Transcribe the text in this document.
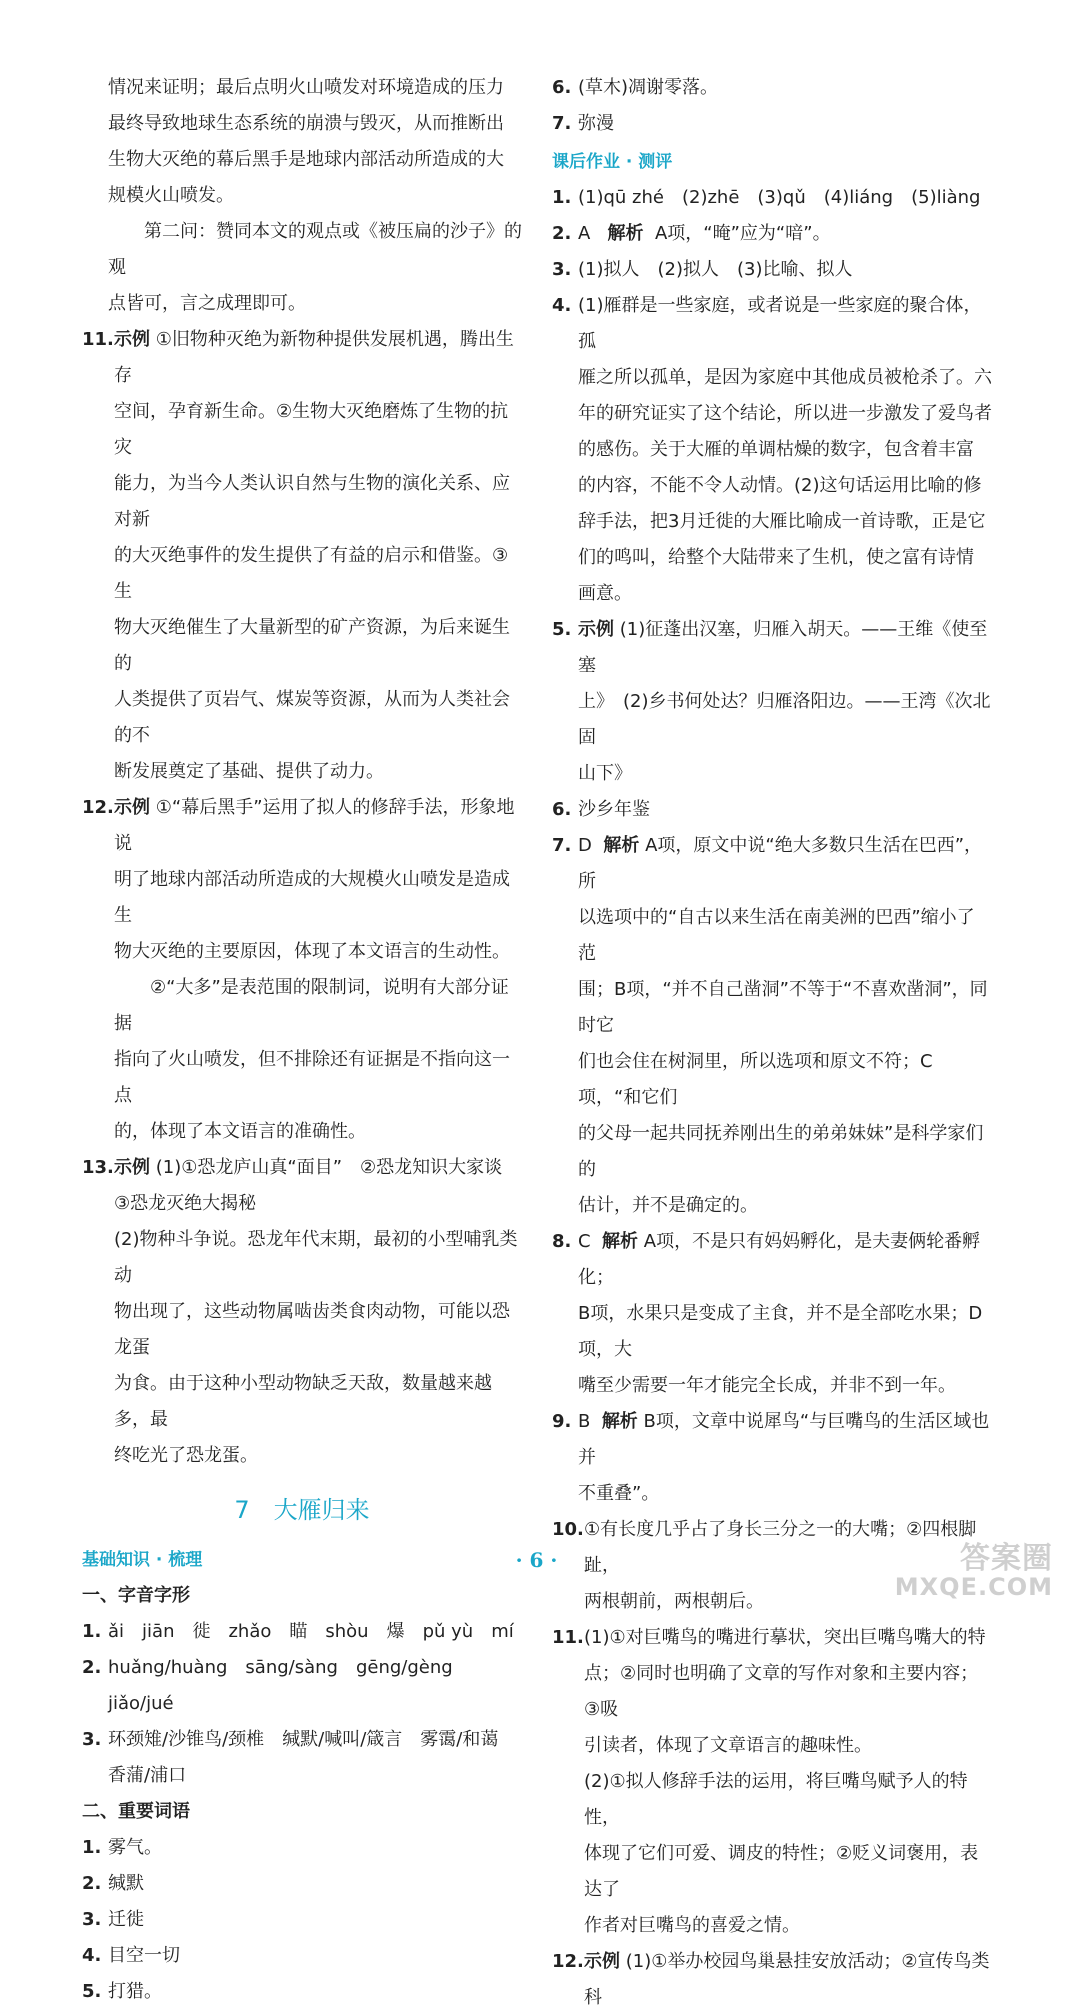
情况来证明；最后点明火山喷发对环境造成的压力
最终导致地球生态系统的崩溃与毁灭，从而推断出
生物大灭绝的幕后黑手是地球内部活动所造成的大
规模火山喷发。
第二问：赞同本文的观点或《被压扁的沙子》的观
点皆可，言之成理即可。
11. 示例 ①旧物种灭绝为新物种提供发展机遇，腾出生存
空间，孕育新生命。②生物大灭绝磨炼了生物的抗灾
能力，为当今人类认识自然与生物的演化关系、应对新
的大灭绝事件的发生提供了有益的启示和借鉴。③生
物大灭绝催生了大量新型的矿产资源，为后来诞生的
人类提供了页岩气、煤炭等资源，从而为人类社会的不
断发展奠定了基础、提供了动力。
12. 示例 ①“幕后黑手”运用了拟人的修辞手法，形象地说
明了地球内部活动所造成的大规模火山喷发是造成生
物大灭绝的主要原因，体现了本文语言的生动性。
②“大多”是表范围的限制词，说明有大部分证据
指向了火山喷发，但不排除还有证据是不指向这一点
的，体现了本文语言的准确性。
13. 示例 (1)①恐龙庐山真“面目”　②恐龙知识大家谈
③恐龙灭绝大揭秘
(2)物种斗争说。恐龙年代末期，最初的小型哺乳类动
物出现了，这些动物属啮齿类食肉动物，可能以恐龙蛋
为食。由于这种小型动物缺乏天敌，数量越来越多，最
终吃光了恐龙蛋。
7　大雁归来
基础知识 · 梳理
一、字音字形
1. ǎi　jiān　徙　zhǎo　瞄　shòu　爆　pǔ yù　mí
2. huǎng/huàng　sāng/sàng　gēng/gèng　jiǎo/jué
3. 环颈雉/沙锥鸟/颈椎　缄默/喊叫/箴言　雾霭/和蔼
香蒲/浦口
二、重要词语
1. 雾气。
2. 缄默
3. 迁徙
4. 目空一切
5. 打猎。
6. (草木)凋谢零落。
7. 弥漫
课后作业 · 测评
1. (1)qū zhé　(2)zhē　(3)qǔ　(4)liáng　(5)liàng
2. A 解析 A项，“晻”应为“喑”。
3. (1)拟人　(2)拟人　(3)比喻、拟人
4. (1)雁群是一些家庭，或者说是一些家庭的聚合体，孤
雁之所以孤单，是因为家庭中其他成员被枪杀了。六
年的研究证实了这个结论，所以进一步激发了爱鸟者
的感伤。关于大雁的单调枯燥的数字，包含着丰富
的内容，不能不令人动情。(2)这句话运用比喻的修
辞手法，把3月迁徙的大雁比喻成一首诗歌，正是它
们的鸣叫，给整个大陆带来了生机，使之富有诗情
画意。
5. 示例 (1)征蓬出汉塞，归雁入胡天。——王维《使至塞
上》　(2)乡书何处达？归雁洛阳边。——王湾《次北固
山下》
6. 沙乡年鉴
7. D 解析 A项，原文中说“绝大多数只生活在巴西”，所
以选项中的“自古以来生活在南美洲的巴西”缩小了范
围；B项，“并不自己凿洞”不等于“不喜欢凿洞”，同时它
们也会住在树洞里，所以选项和原文不符；C项，“和它们
的父母一起共同抚养刚出生的弟弟妹妹”是科学家们的
估计，并不是确定的。
8. C 解析 A项，不是只有妈妈孵化，是夫妻俩轮番孵化；
B项，水果只是变成了主食，并不是全部吃水果；D项，大
嘴至少需要一年才能完全长成，并非不到一年。
9. B 解析 B项，文章中说犀鸟“与巨嘴鸟的生活区域也并
不重叠”。
10. ①有长度几乎占了身长三分之一的大嘴；②四根脚趾，
两根朝前，两根朝后。
11. (1)①对巨嘴鸟的嘴进行摹状，突出巨嘴鸟嘴大的特
点；②同时也明确了文章的写作对象和主要内容；③吸
引读者，体现了文章语言的趣味性。
(2)①拟人修辞手法的运用，将巨嘴鸟赋予人的特性，
体现了它们可爱、调皮的特性；②贬义词褒用，表达了
作者对巨嘴鸟的喜爱之情。
12. 示例 (1)①举办校园鸟巢悬挂安放活动；②宣传鸟类科
· 6 ·	答案圈
MXQE.COM
